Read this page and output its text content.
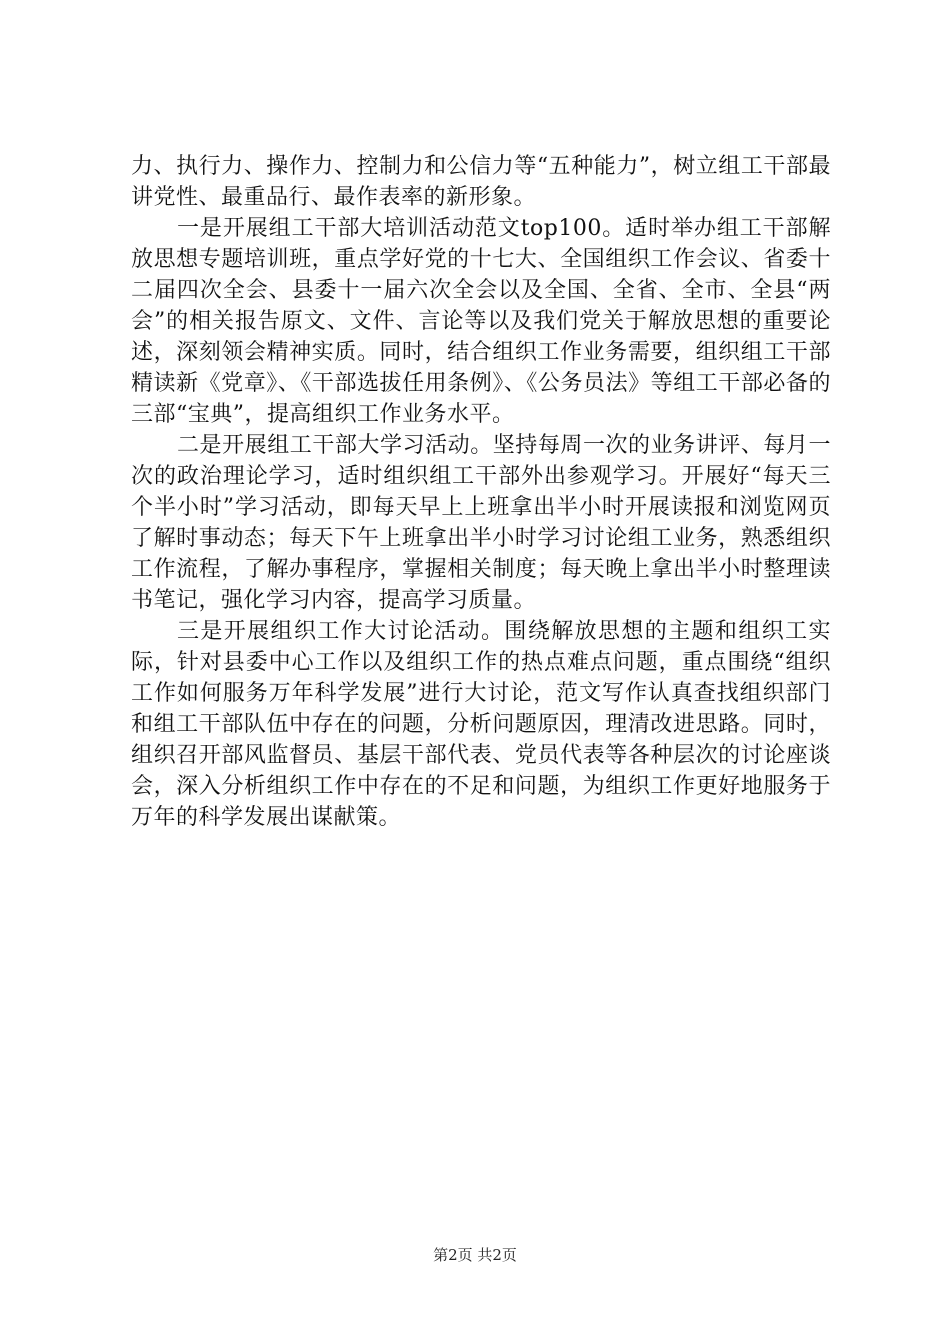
力、执行力、操作力、控制力和公信力等“五种能力”，树立组工干部最讲党性、最重品行、最作表率的新形象。

一是开展组工干部大培训活动范文top100。适时举办组工干部解放思想专题培训班，重点学好党的十七大、全国组织工作会议、省委十二届四次全会、县委十一届六次全会以及全国、全省、全市、全县“两会”的相关报告原文、文件、言论等以及我们党关于解放思想的重要论述，深刻领会精神实质。同时，结合组织工作业务需要，组织组工干部精读新《党章》、《干部选拔任用条例》、《公务员法》等组工干部必备的三部“宝典”，提高组织工作业务水平。

二是开展组工干部大学习活动。坚持每周一次的业务讲评、每月一次的政治理论学习，适时组织组工干部外出参观学习。开展好“每天三个半小时”学习活动，即每天早上上班拿出半小时开展读报和浏览网页了解时事动态；每天下午上班拿出半小时学习讨论组工业务，熟悉组织工作流程，了解办事程序，掌握相关制度；每天晚上拿出半小时整理读书笔记，强化学习内容，提高学习质量。

三是开展组织工作大讨论活动。围绕解放思想的主题和组织工实际，针对县委中心工作以及组织工作的热点难点问题，重点围绕“组织工作如何服务万年科学发展”进行大讨论，范文写作认真查找组织部门和组工干部队伍中存在的问题，分析问题原因，理清改进思路。同时，组织召开部风监督员、基层干部代表、党员代表等各种层次的讨论座谈会，深入分析组织工作中存在的不足和问题，为组织工作更好地服务于万年的科学发展出谋献策。

第2页 共2页
